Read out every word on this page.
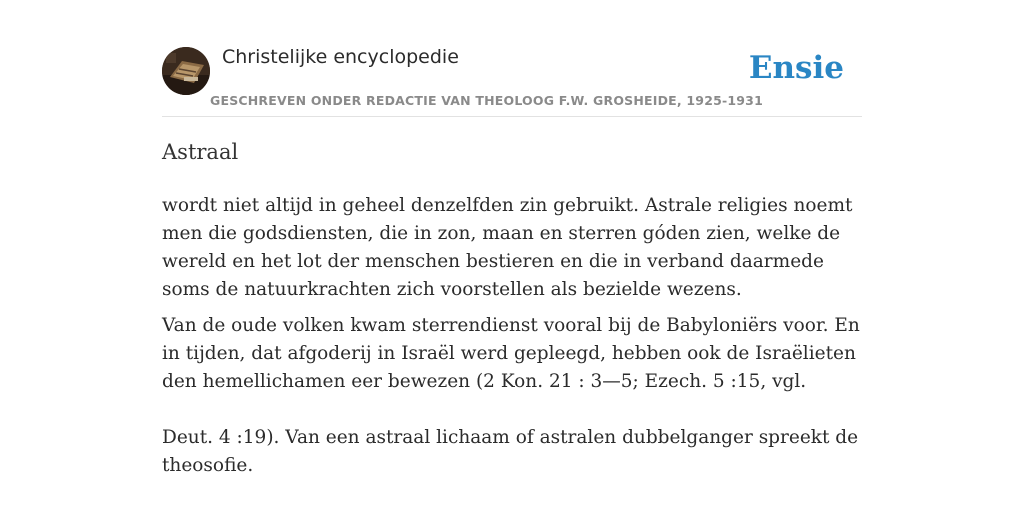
Christelijke encyclopedie
GESCHREVEN ONDER REDACTIE VAN THEOLOOG F.W. GROSHEIDE, 1925-1931
Ensie
Astraal

wordt niet altijd in geheel denzelfden zin gebruikt. Astrale religies noemt men die godsdiensten, die in zon, maan en sterren góden zien, welke de wereld en het lot der menschen bestieren en die in verband daarmede soms de natuurkrachten zich voorstellen als bezielde wezens.

Van de oude volken kwam sterrendienst vooral bij de Babyloniërs voor. En in tijden, dat afgoderij in Israël werd gepleegd, hebben ook de Israëlieten den hemellichamen eer bewezen (2 Kon. 21 : 3—5; Ezech. 5 :15, vgl.

Deut. 4 :19). Van een astraal lichaam of astralen dubbelganger spreekt de theosofie.
